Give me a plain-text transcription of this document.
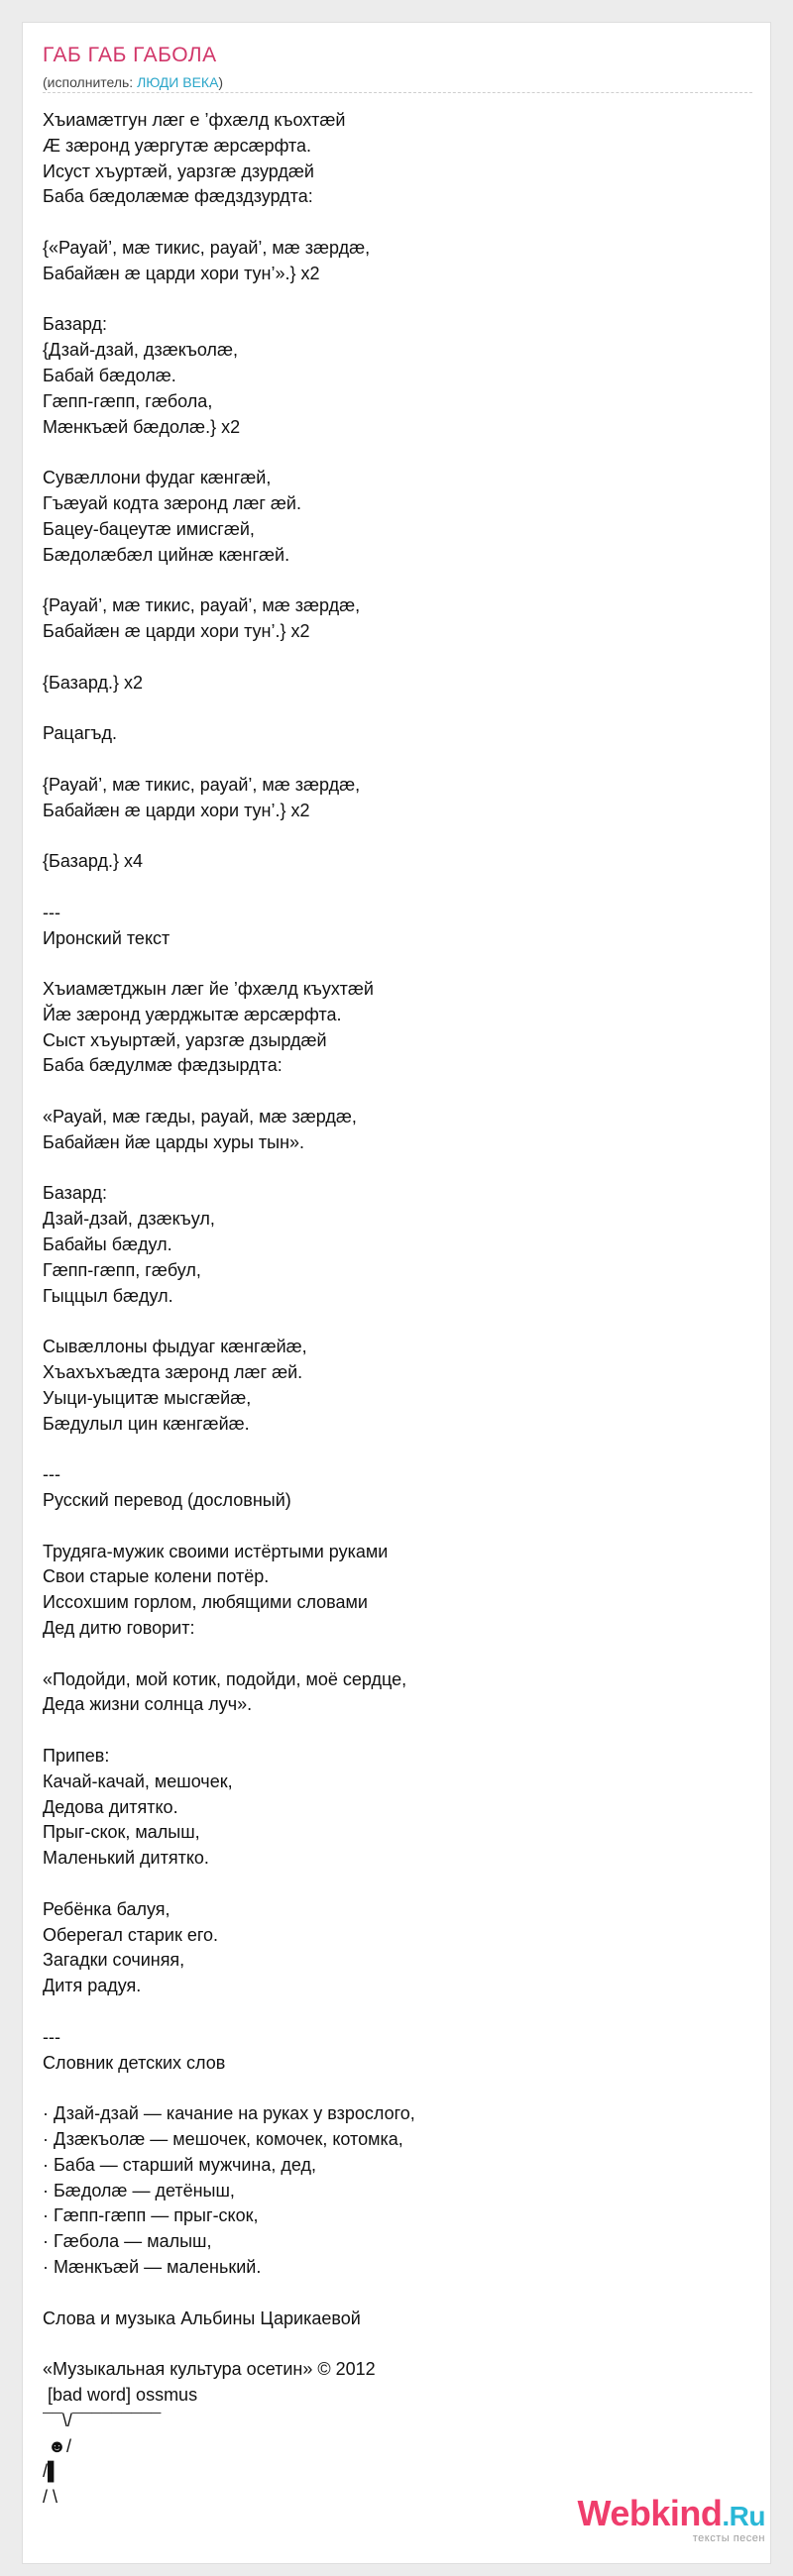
ГАБ ГАБ ГАБОЛА
(исполнитель: ЛЮДИ ВЕКА)
Хъиамæтгун лæг е ’фхæлд къохтæй
Æ зæронд уæргутæ æрсæрфта.
Исуст хъуртæй, уарзгæ дзурдæй
Баба бæдолæмæ фæдздзурдта:
{«Рауай’, мæ тикис, рауай’, мæ зæрдæ,
Бабайæн æ царди хори тун’».} x2
Базард:
{Дзай-дзай, дзæкъолæ,
Бабай бæдолæ.
Гæпп-гæпп, гæбола,
Мæнкъæй бæдолæ.} x2
Сувæллони фудаг кæнгæй,
Гъæуай кодта зæронд лæг æй.
Бацеу-бацеутæ имисгæй,
Бæдолæбæл цийнæ кæнгæй.
{Рауай’, мæ тикис, рауай’, мæ зæрдæ,
Бабайæн æ царди хори тун’.} x2
{Базард.} x2
Рацагъд.
{Рауай’, мæ тикис, рауай’, мæ зæрдæ,
Бабайæн æ царди хори тун’.} x2
{Базард.} x4
---
Иронский текст
Хъиамæтджын лæг йе ’фхæлд къухтæй
Йæ зæронд уæрджытæ æрсæрфта.
Сыст хъуыртæй, уарзгæ дзырдæй
Баба бæдулмæ фæдзырдта:
«Рауай, мæ гæды, рауай, мæ зæрдæ,
Бабайæн йæ царды хуры тын».
Базард:
Дзай-дзай, дзæкъул,
Бабайы бæдул.
Гæпп-гæпп, гæбул,
Гыццыл бæдул.
Сывæллоны фыдуаг кæнгæйæ,
Хъахъхъæдта зæронд лæг æй.
Уыци-уыцитæ мысгæйæ,
Бæдулыл цин кæнгæйæ.
---
Русский перевод (дословный)
Трудяга-мужик своими истёртыми руками
Свои старые колени потёр.
Иссохшим горлом, любящими словами
Дед дитю говорит:
«Подойди, мой котик, подойди, моё сердце,
Деда жизни солнца луч».
Припев:
Качай-качай, мешочек,
Дедова дитятко.
Прыг-скок, малыш,
Маленький дитятко.
Ребёнка балуя,
Оберегал старик его.
Загадки сочиняя,
Дитя радуя.
---
Словник детских слов
· Дзай-дзай — качание на руках у взрослого,
· Дзæкъолæ — мешочек, комочек, котомка,
· Баба — старший мужчина, дед,
· Бæдолæ — детёныш,
· Гæпп-гæпп — прыг-скок,
· Гæбола — малыш,
· Мæнкъæй — маленький.
Слова и музыка Альбины Царикаевой
«Музыкальная культура осетин» © 2012
[bad word] ossmus
¯¯\/¯¯¯¯¯¯¯¯¯
☻/
/▌
/ \	Webkind.Ru
тексты песен
